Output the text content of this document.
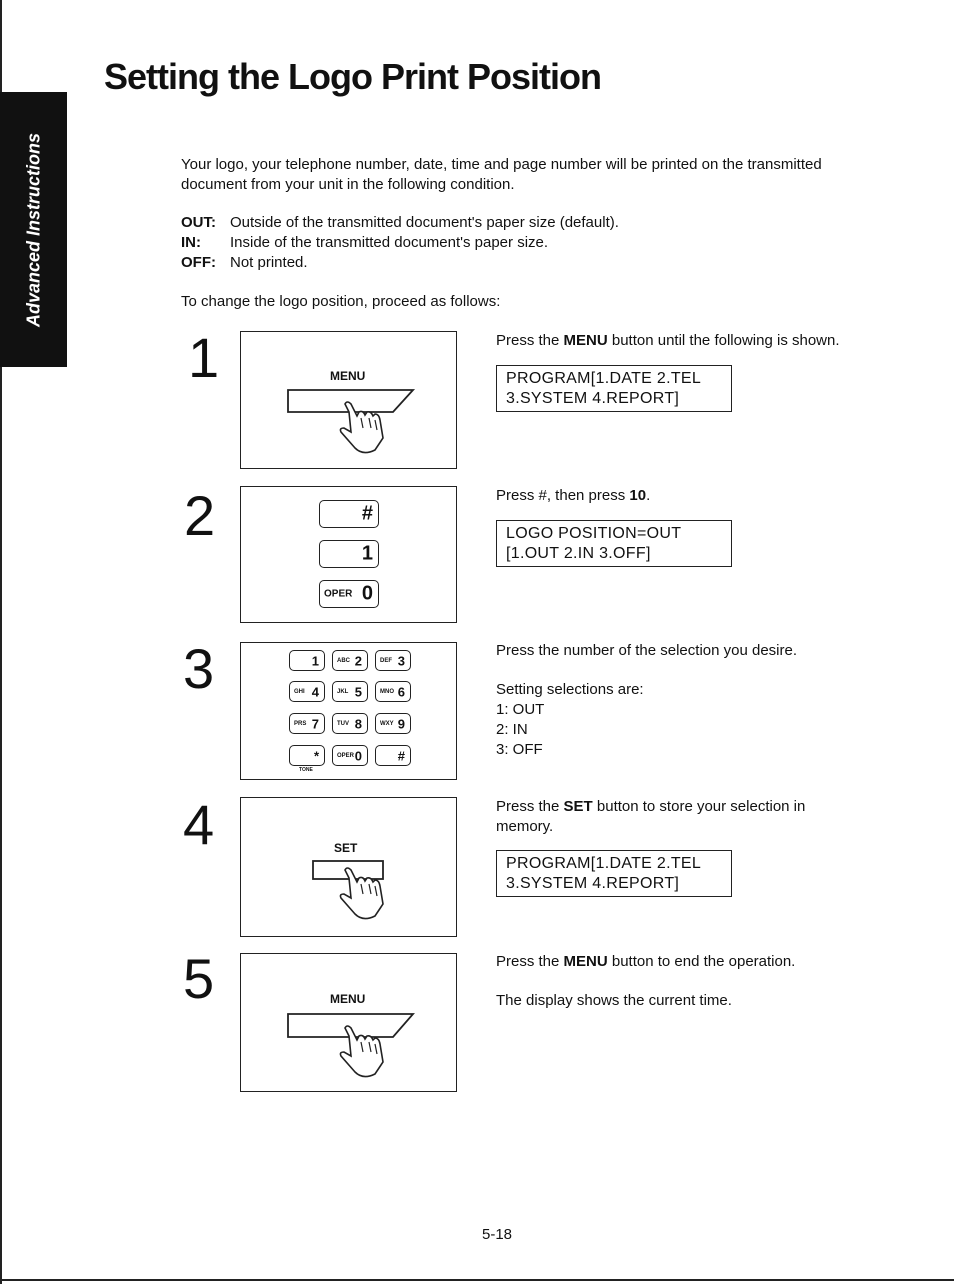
Advanced Instructions
Setting the Logo Print Position
Your logo, your telephone number, date, time and page number will be printed on the transmitted document from your unit in the following condition.
OUT: Outside of the transmitted document's paper size (default).
IN: Inside of the transmitted document's paper size.
OFF: Not printed.
To change the logo position, proceed as follows:
1	MENU
Press the MENU button until the following is shown.
PROGRAM[1.DATE 2.TEL
3.SYSTEM 4.REPORT]
2	#
1
OPER 0
Press #, then press 10.
LOGO POSITION=OUT
[1.OUT 2.IN 3.OFF]
3	1	ABC 2	DEF 3
GHI 4	JKL 5	MNO 6
PRS 7	TUV 8	WXY 9
*	OPER 0	#
TONE
Press the number of the selection you desire.
Setting selections are:
1: OUT
2: IN
3: OFF
4	SET
Press the SET button to store your selection in memory.
PROGRAM[1.DATE 2.TEL
3.SYSTEM 4.REPORT]
5	MENU
Press the MENU button to end the operation.
The display shows the current time.
5-18
